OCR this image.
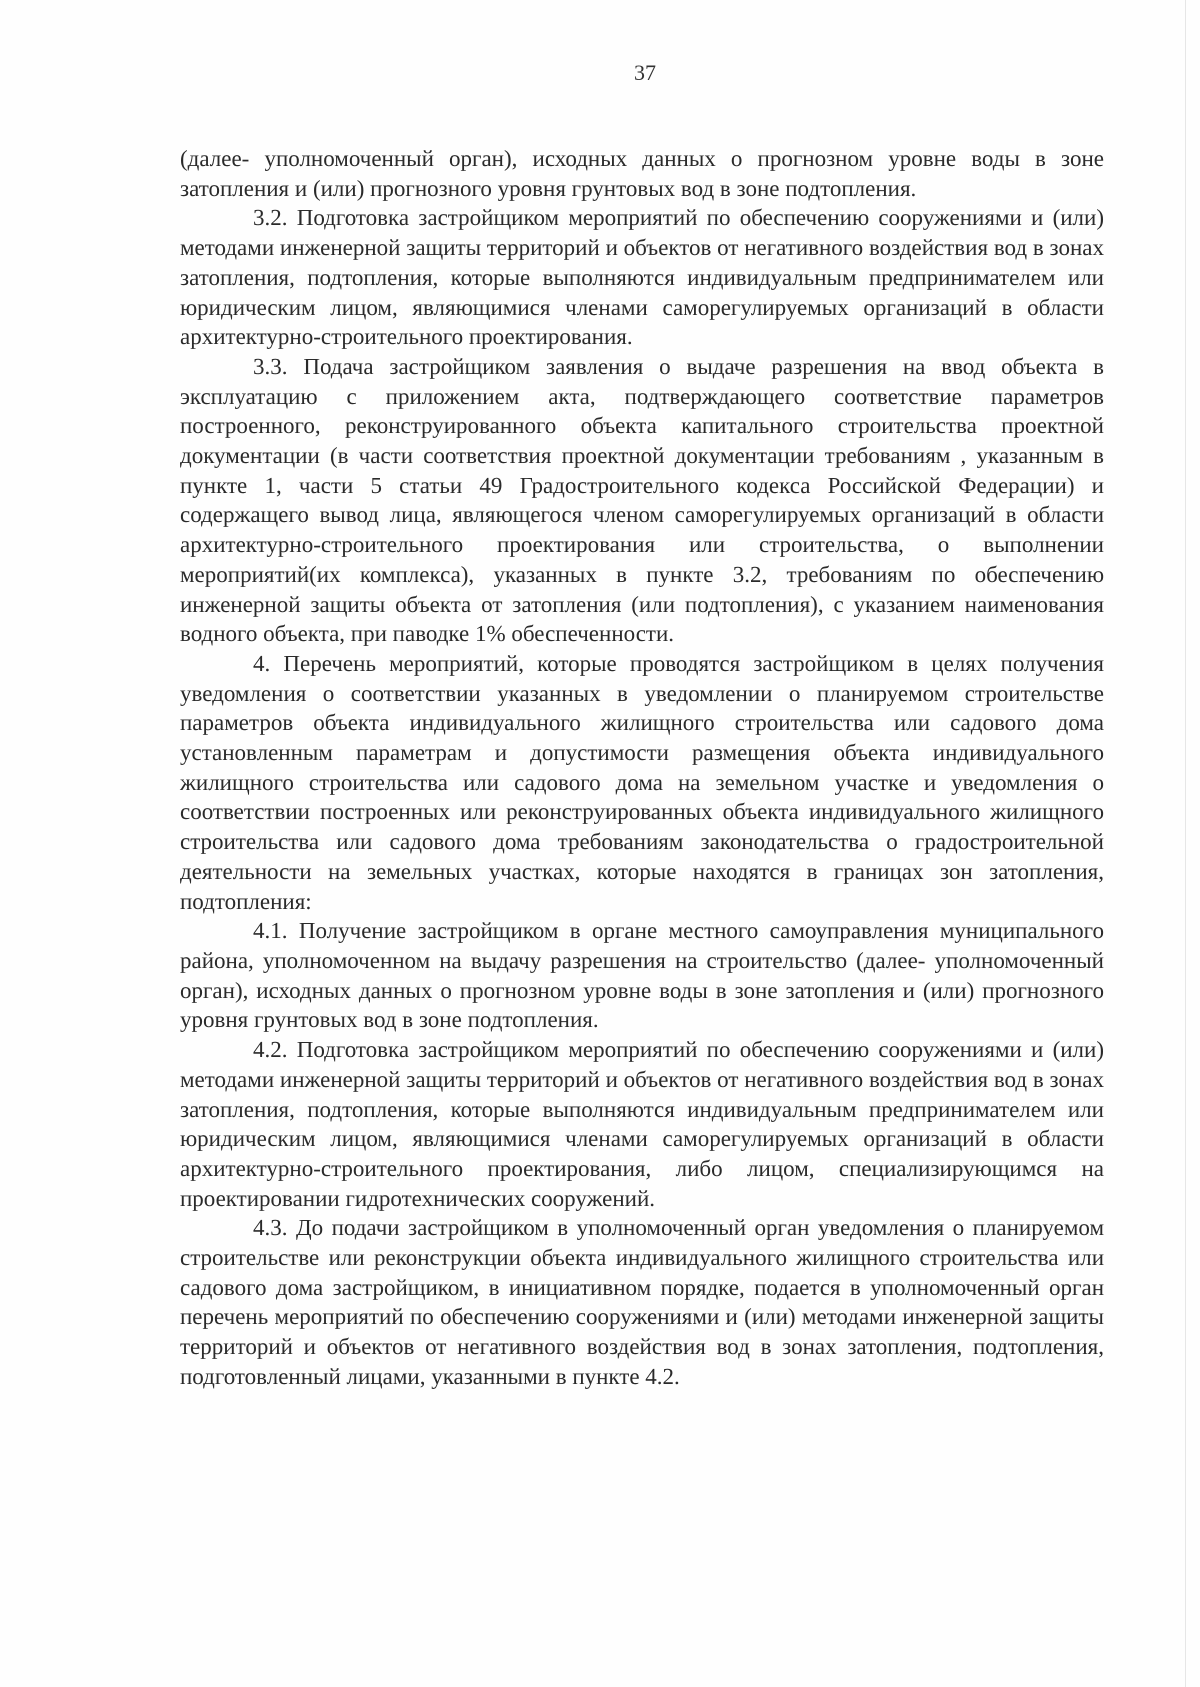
37

(далее- уполномоченный орган), исходных данных о прогнозном уровне воды в зоне затопления и (или) прогнозного уровня грунтовых вод в зоне подтопления.

3.2. Подготовка застройщиком мероприятий по обеспечению сооружениями и (или) методами инженерной защиты территорий и объектов от негативного воздействия вод в зонах затопления, подтопления, которые выполняются индивидуальным предпринимателем или юридическим лицом, являющимися членами саморегулируемых организаций в области архитектурно-строительного проектирования.

3.3. Подача застройщиком заявления о выдаче разрешения на ввод объекта в эксплуатацию с приложением акта, подтверждающего соответствие параметров построенного, реконструированного объекта капитального строительства проектной документации (в части соответствия проектной документации требованиям , указанным в пункте 1, части 5 статьи 49 Градостроительного кодекса Российской Федерации) и содержащего вывод лица, являющегося членом саморегулируемых организаций в области архитектурно-строительного проектирования или строительства, о выполнении мероприятий(их комплекса), указанных в пункте 3.2, требованиям по обеспечению инженерной защиты объекта от затопления (или подтопления), с указанием наименования водного объекта, при паводке 1% обеспеченности.

4. Перечень мероприятий, которые проводятся застройщиком в целях получения уведомления о соответствии указанных в уведомлении о планируемом строительстве параметров объекта индивидуального жилищного строительства или садового дома установленным параметрам и допустимости размещения объекта индивидуального жилищного строительства или садового дома на земельном участке и уведомления о соответствии построенных или реконструированных объекта индивидуального жилищного строительства или садового дома требованиям законодательства о градостроительной деятельности на земельных участках, которые находятся в границах зон затопления, подтопления:

4.1. Получение застройщиком в органе местного самоуправления муниципального района, уполномоченном на выдачу разрешения на строительство (далее- уполномоченный орган), исходных данных о прогнозном уровне воды в зоне затопления и (или) прогнозного уровня грунтовых вод в зоне подтопления.

4.2. Подготовка застройщиком мероприятий по обеспечению сооружениями и (или) методами инженерной защиты территорий и объектов от негативного воздействия вод в зонах затопления, подтопления, которые выполняются индивидуальным предпринимателем или юридическим лицом, являющимися членами саморегулируемых организаций в области архитектурно-строительного проектирования, либо лицом, специализирующимся на проектировании гидротехнических сооружений.

4.3. До подачи застройщиком в уполномоченный орган уведомления о планируемом строительстве или реконструкции объекта индивидуального жилищного строительства или садового дома застройщиком, в инициативном порядке, подается в уполномоченный орган перечень мероприятий по обеспечению сооружениями и (или) методами инженерной защиты территорий и объектов от негативного воздействия вод в зонах затопления, подтопления, подготовленный лицами, указанными в пункте 4.2.
